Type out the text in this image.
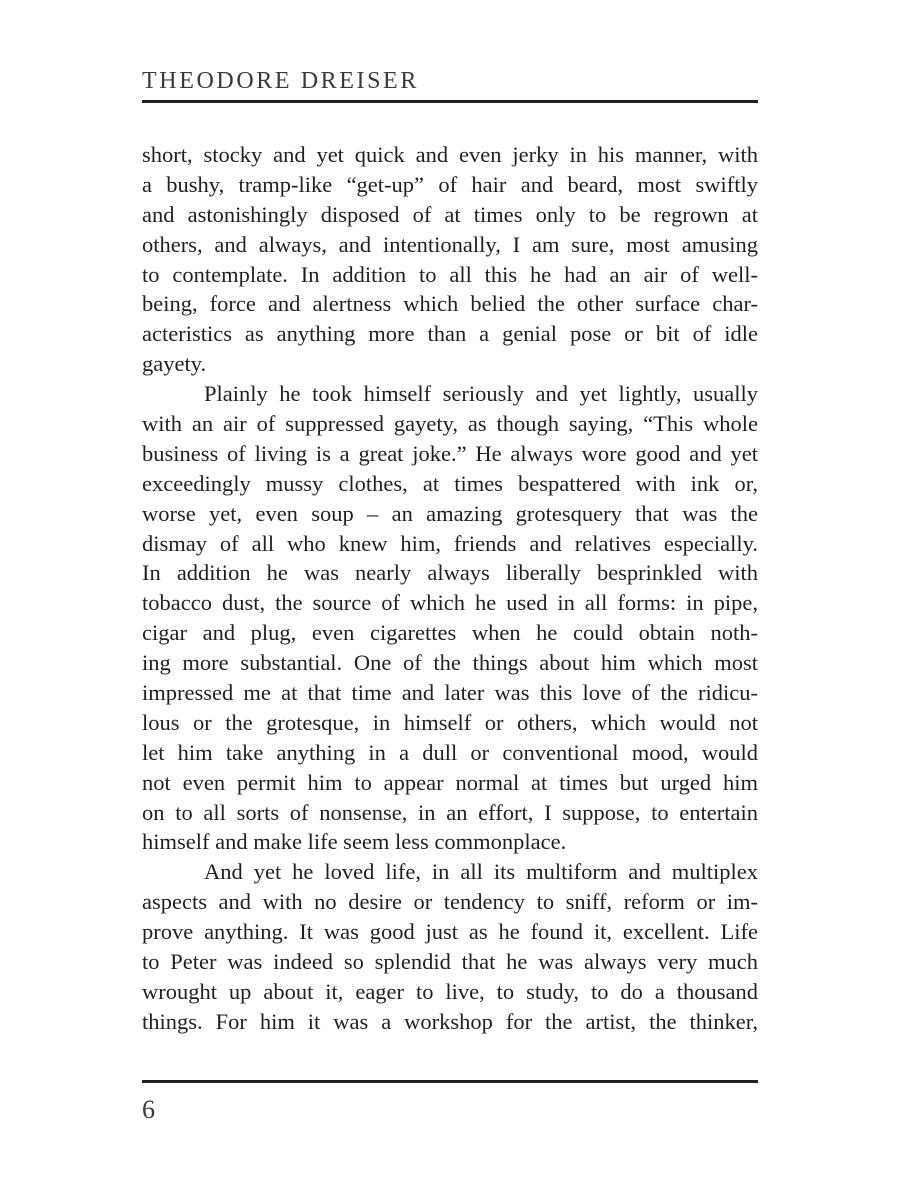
THEODORE DREISER
short, stocky and yet quick and even jerky in his manner, with
a bushy, tramp-like “get-up” of hair and beard, most swiftly
and astonishingly disposed of at times only to be regrown at
others, and always, and intentionally, I am sure, most amusing
to contemplate. In addition to all this he had an air of well-
being, force and alertness which belied the other surface char-
acteristics as anything more than a genial pose or bit of idle
gayety.
Plainly he took himself seriously and yet lightly, usually
with an air of suppressed gayety, as though saying, “This whole
business of living is a great joke.” He always wore good and yet
exceedingly mussy clothes, at times bespattered with ink or,
worse yet, even soup – an amazing grotesquery that was the
dismay of all who knew him, friends and relatives especially.
In addition he was nearly always liberally besprinkled with
tobacco dust, the source of which he used in all forms: in pipe,
cigar and plug, even cigarettes when he could obtain noth-
ing more substantial. One of the things about him which most
impressed me at that time and later was this love of the ridicu-
lous or the grotesque, in himself or others, which would not
let him take anything in a dull or conventional mood, would
not even permit him to appear normal at times but urged him
on to all sorts of nonsense, in an effort, I suppose, to entertain
himself and make life seem less commonplace.
And yet he loved life, in all its multiform and multiplex
aspects and with no desire or tendency to sniff, reform or im-
prove anything. It was good just as he found it, excellent. Life
to Peter was indeed so splendid that he was always very much
wrought up about it, eager to live, to study, to do a thousand
things. For him it was a workshop for the artist, the thinker,
6
